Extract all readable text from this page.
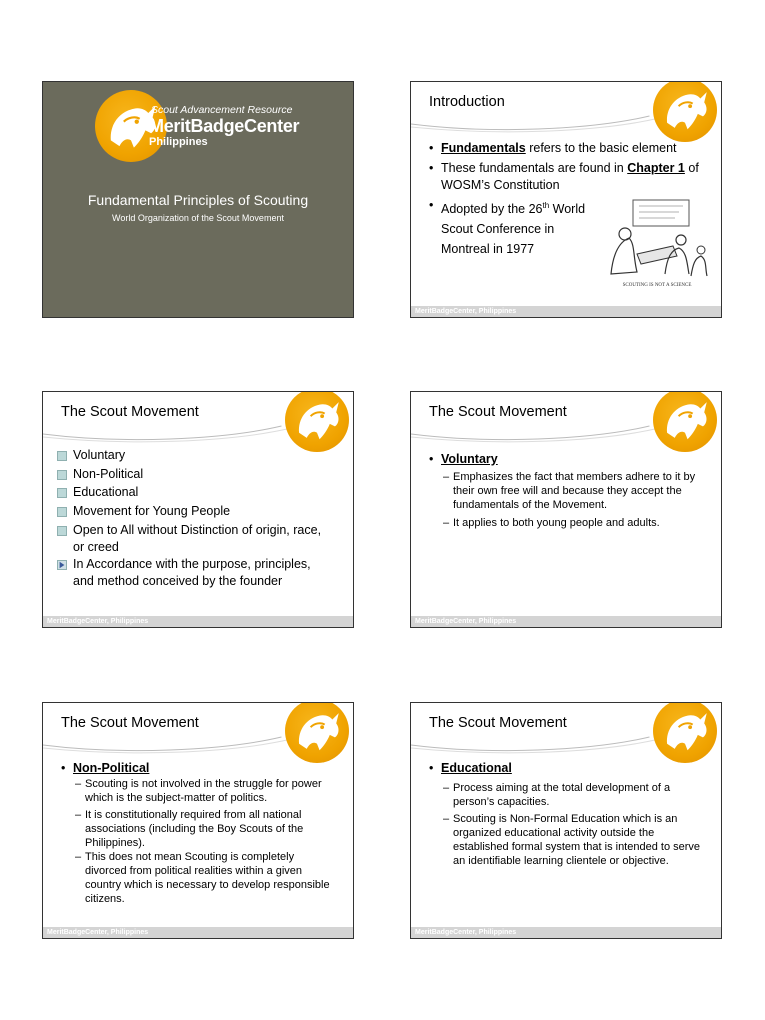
Scout Advancement Resource
MeritBadgeCenter
Philippines
Fundamental Principles of Scouting
World Organization of the Scout Movement
Introduction
• Fundamentals refers to the basic element
• These fundamentals are found in Chapter 1 of WOSM’s Constitution
• Adopted by the 26th World
Scout Conference in
Montreal in 1977
SCOUTING IS NOT A SCIENCE
MeritBadgeCenter, Philippines
The Scout Movement
Voluntary
Non-Political
Educational
Movement for Young People
Open to All without Distinction of origin, race, or creed
In Accordance with the purpose, principles, and method conceived by the founder
MeritBadgeCenter, Philippines
The Scout Movement
• Voluntary
– Emphasizes the fact that members adhere to it by their own free will and because they accept the fundamentals of the Movement.
– It applies to both young people and adults.
MeritBadgeCenter, Philippines
The Scout Movement
• Non-Political
– Scouting is not involved in the struggle for power which is the subject-matter of politics.
– It is constitutionally required from all national associations (including the Boy Scouts of the Philippines).
– This does not mean Scouting is completely divorced from political realities within a given country which is necessary to develop responsible citizens.
MeritBadgeCenter, Philippines
The Scout Movement
• Educational
– Process aiming at the total development of a person’s capacities.
– Scouting is Non-Formal Education which is an organized educational activity outside the established formal system that is intended to serve an identifiable learning clientele or objective.
MeritBadgeCenter, Philippines
